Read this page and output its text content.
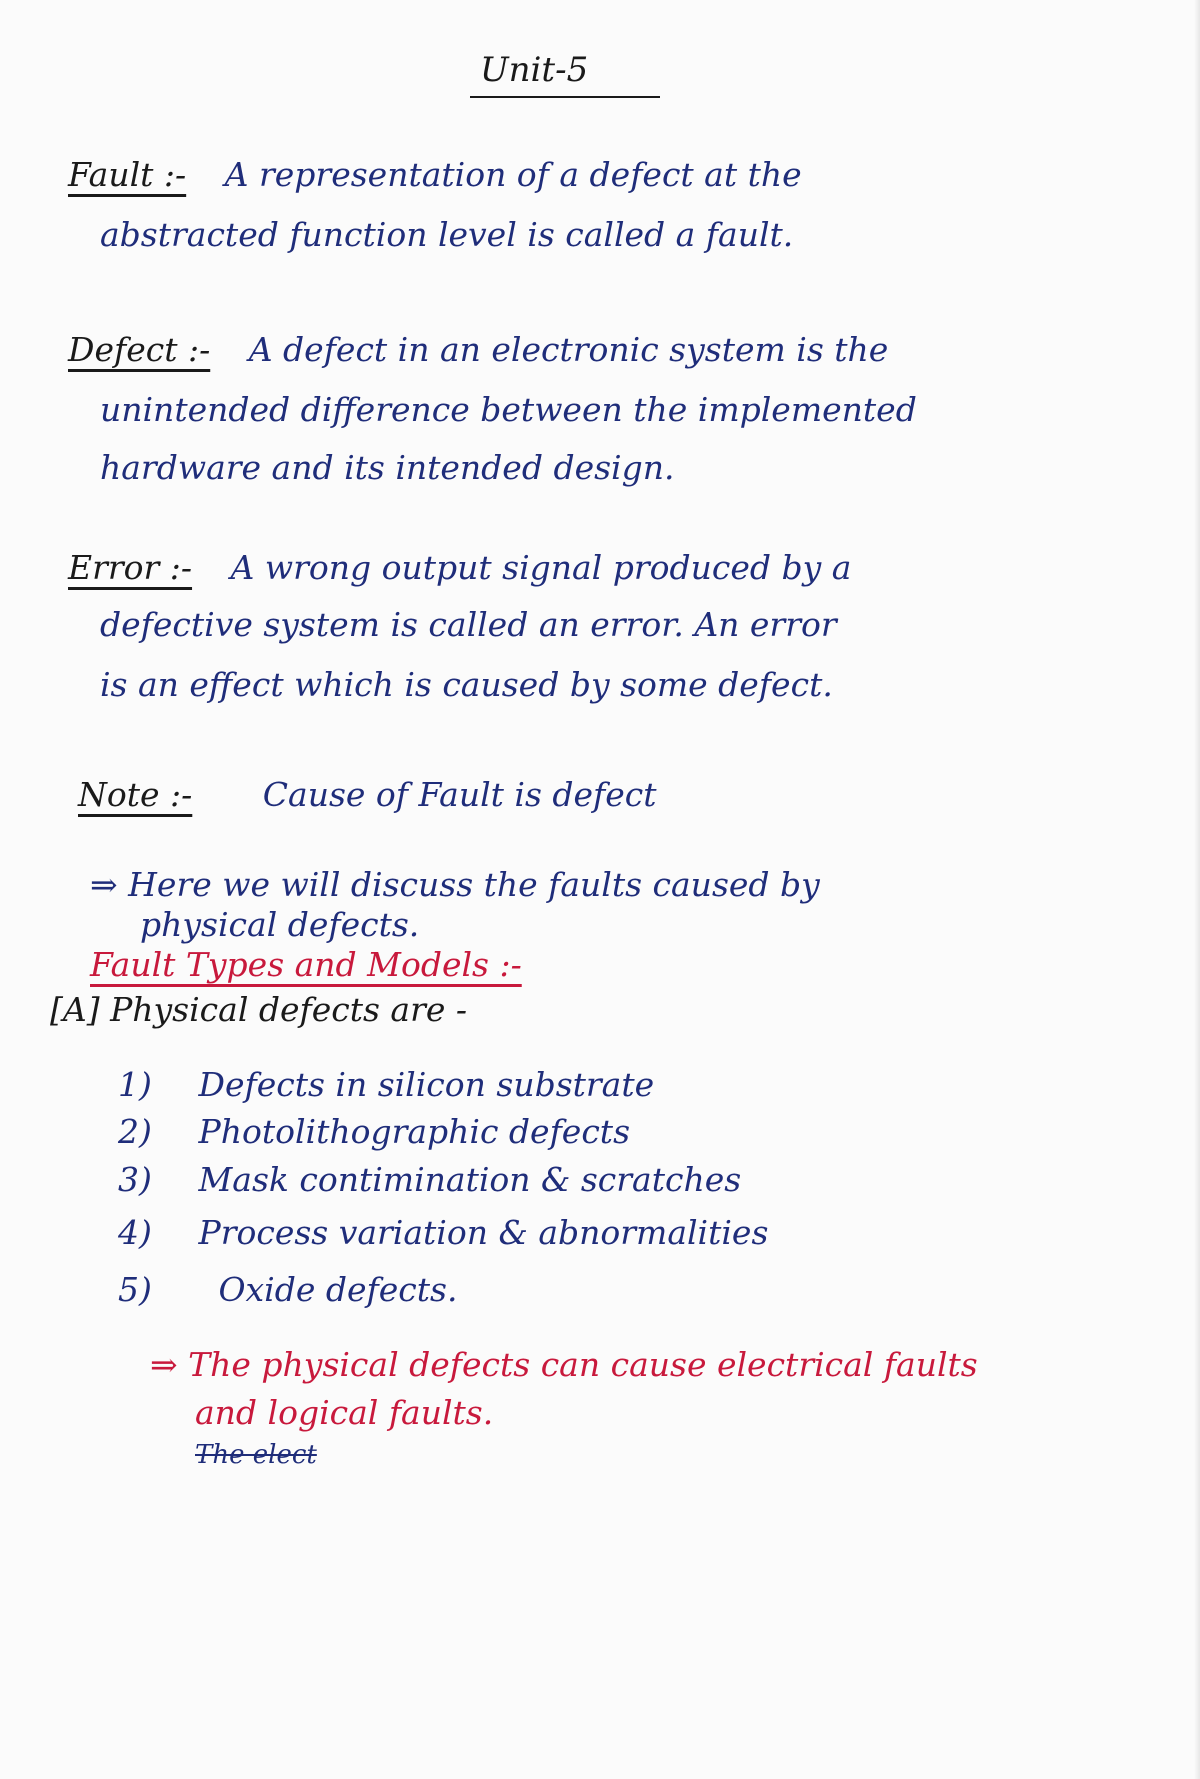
Unit-5
Fault :- A representation of a defect at the
abstracted function level is called a fault.
Defect :- A defect in an electronic system is the
unintended difference between the implemented
hardware and its intended design.
Error :- A wrong output signal produced by a
defective system is called an error. An error
is an effect which is caused by some defect.
Note :- Cause of Fault is defect
⇒ Here we will discuss the faults caused by
physical defects.
Fault Types and Models :-
[A] Physical defects are -
1) Defects in silicon substrate
2) Photolithographic defects
3) Mask contimination & scratches
4) Process variation & abnormalities
5) Oxide defects.
⇒ The physical defects can cause electrical faults
and logical faults.
The elect
